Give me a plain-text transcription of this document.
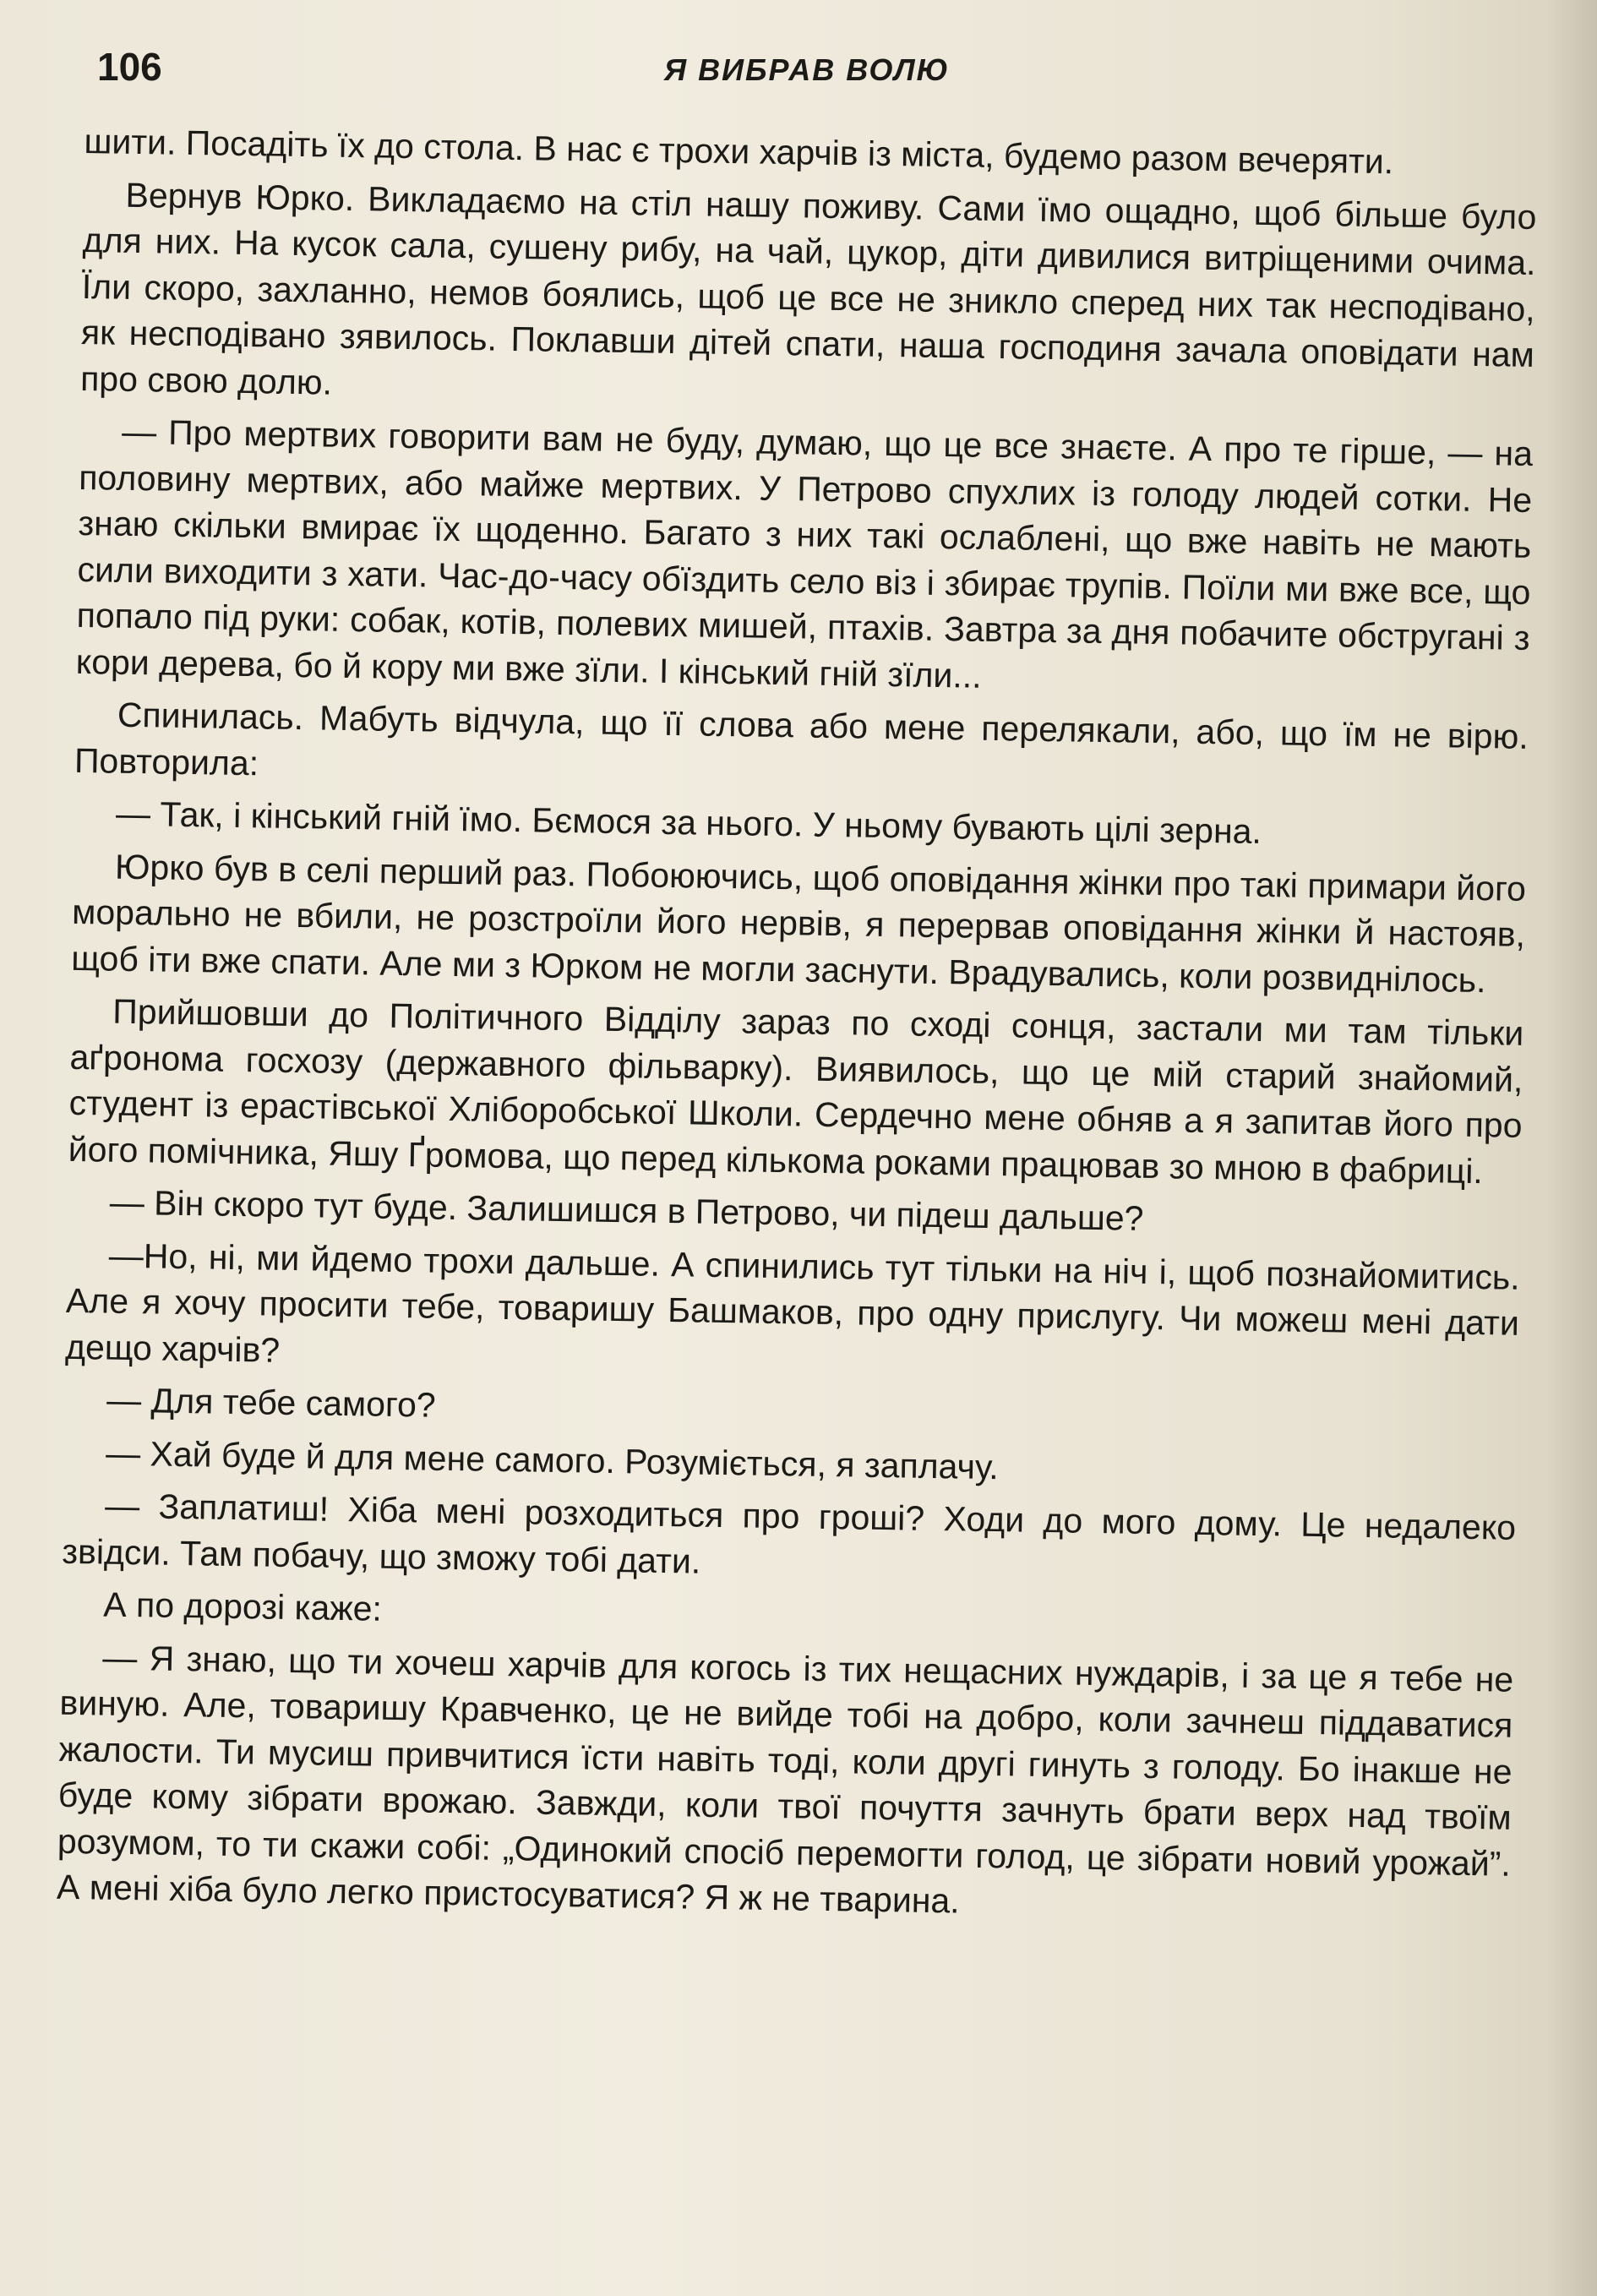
106	Я ВИБРАВ ВОЛЮ

шити. Посадіть їх до стола. В нас є трохи харчів із міста, будемо разом вечеряти.

Вернув Юрко. Викладаємо на стіл нашу поживу. Сами їмо ощадно, щоб більше було для них. На кусок сала, сушену рибу, на чай, цукор, діти дивилися витріщеними очима. Їли скоро, захланно, немов боялись, щоб це все не зникло сперед них так несподівано, як несподівано зявилось. Поклавши дітей спати, наша господиня зачала оповідати нам про свою долю.

— Про мертвих говорити вам не буду, думаю, що це все знаєте. А про те гірше, — на половину мертвих, або майже мертвих. У Петрово спухлих із голоду людей сотки. Не знаю скільки вмирає їх щоденно. Багато з них такі ослаблені, що вже навіть не мають сили виходити з хати. Час-до-часу обїздить село віз і збирає трупів. Поїли ми вже все, що попало під руки: собак, котів, полевих мишей, птахів. Завтра за дня побачите обструганi з кори дерева, бо й кору ми вже зїли. І кінський гній зїли...

Спинилась. Мабуть відчула, що її слова або мене перелякали, або, що їм не вірю. Повторила:

— Так, і кінський гній їмо. Бємося за нього. У ньому бувають цілі зерна.

Юрко був в селі перший раз. Побоюючись, щоб оповідання жінки про такі примари його морально не вбили, не розстроїли його нервів, я перервав оповідання жінки й настояв, щоб іти вже спати. Але ми з Юрком не могли заснути. Врадувались, коли розвиднілось.

Прийшовши до Політичного Відділу зараз по сході сонця, застали ми там тільки аґронома госхозу (державного фільварку). Виявилось, що це мій старий знайомий, студент із ерастівської Хліборобської Школи. Сердечно мене обняв а я запитав його про його помічника, Яшу Ґромова, що перед кількома роками працював зо мною в фабриці.

— Він скоро тут буде. Залишишся в Петрово, чи підеш дальше?

—Но, ні, ми йдемо трохи дальше. А спинились тут тільки на ніч і, щоб познайомитись. Але я хочу просити тебе, товаришу Башмаков, про одну прислугу. Чи можеш мені дати дещо харчів?

— Для тебе самого?

— Хай буде й для мене самого. Розуміється, я заплачу.

— Заплатиш! Хіба мені розходиться про гроші? Ходи до мого дому. Це недалеко звідси. Там побачу, що зможу тобі дати.

А по дорозі каже:

— Я знаю, що ти хочеш харчів для когось із тих нещасних нуждарів, і за це я тебе не виную. Але, товаришу Кравченко, це не вийде тобі на добро, коли зачнеш піддаватися жалости. Ти мусиш привчитися їсти навіть тоді, коли другі гинуть з голоду. Бо інакше не буде кому зібрати врожаю. Завжди, коли твої почуття зачнуть брати верх над твоїм розумом, то ти скажи собі: „Одинокий спосіб перемогти голод, це зібрати новий урожай”. А мені хіба було легко пристосуватися? Я ж не тварина.
